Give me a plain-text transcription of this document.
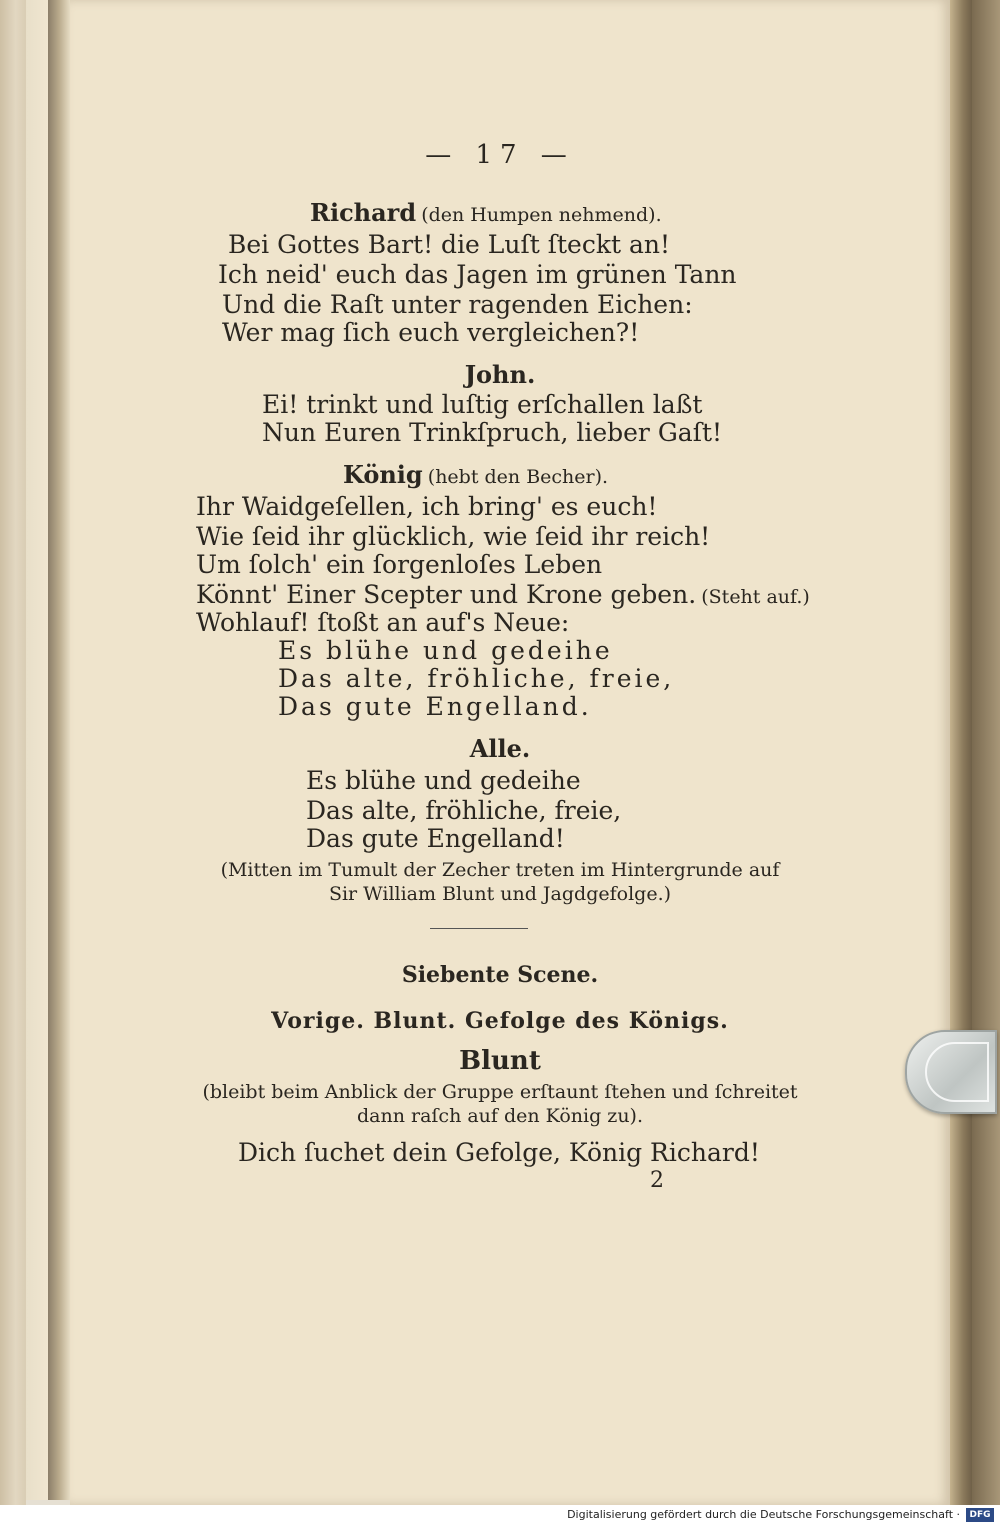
— 17 —
Richard (den Humpen nehmend).
Bei Gottes Bart! die Luſt ſteckt an!
Ich neid' euch das Jagen im grünen Tann
Und die Raſt unter ragenden Eichen:
Wer mag ſich euch vergleichen?!
John.
Ei! trinkt und luſtig erſchallen laßt
Nun Euren Trinkſpruch, lieber Gaſt!
König (hebt den Becher).
Ihr Waidgeſellen, ich bring' es euch!
Wie ſeid ihr glücklich, wie ſeid ihr reich!
Um ſolch' ein ſorgenloſes Leben
Könnt' Einer Scepter und Krone geben. (Steht auf.)
Wohlauf! ſtoßt an auf's Neue:
Es blühe und gedeihe
Das alte, fröhliche, freie,
Das gute Engelland.
Alle.
Es blühe und gedeihe
Das alte, fröhliche, freie,
Das gute Engelland!
(Mitten im Tumult der Zecher treten im Hintergrunde auf
Sir William Blunt und Jagdgefolge.)
Siebente Scene.
Vorige. Blunt. Gefolge des Königs.
Blunt
(bleibt beim Anblick der Gruppe erſtaunt ſtehen und ſchreitet
dann raſch auf den König zu).
Dich ſuchet dein Gefolge, König Richard!
2
Digitalisierung gefördert durch die Deutsche Forschungsgemeinschaft ·	DFG
